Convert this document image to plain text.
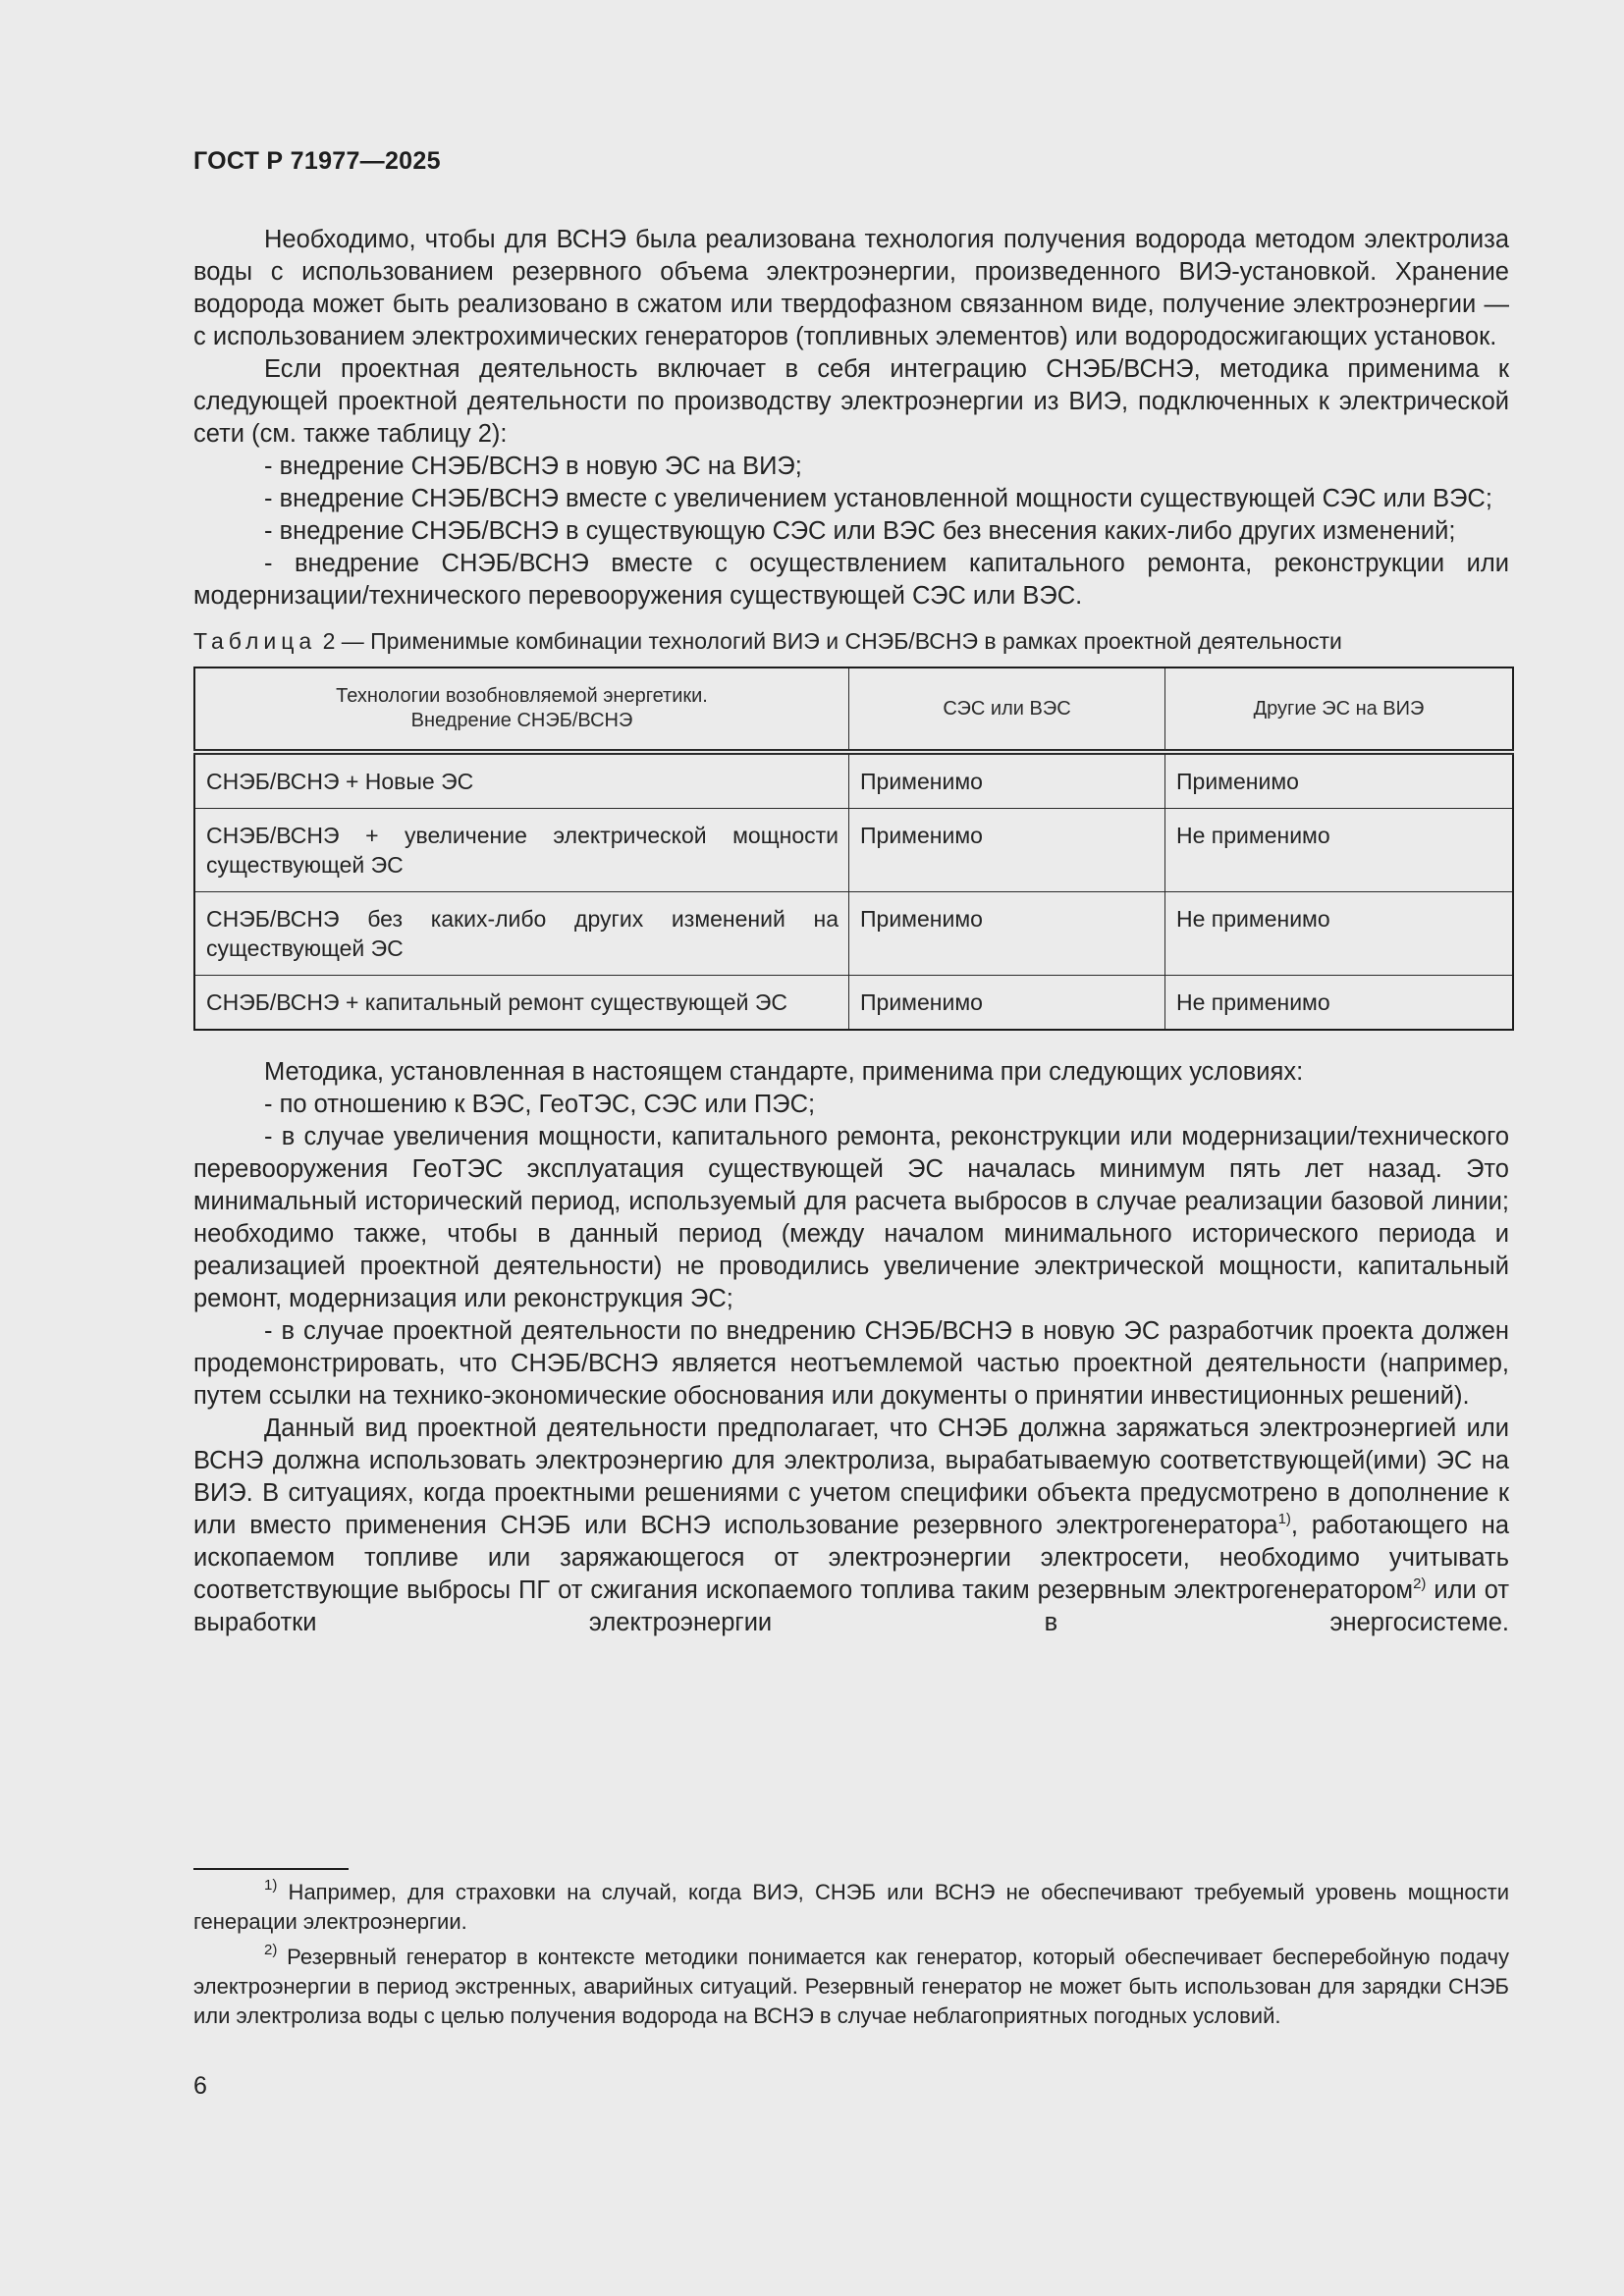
ГОСТ Р 71977—2025

Необходимо, чтобы для ВСНЭ была реализована технология получения водорода методом электролиза воды с использованием резервного объема электроэнергии, произведенного ВИЭ-установкой. Хранение водорода может быть реализовано в сжатом или твердофазном связанном виде, получение электроэнергии — с использованием электрохимических генераторов (топливных элементов) или водородосжигающих установок.

Если проектная деятельность включает в себя интеграцию СНЭБ/ВСНЭ, методика применима к следующей проектной деятельности по производству электроэнергии из ВИЭ, подключенных к электрической сети (см. также таблицу 2):

- внедрение СНЭБ/ВСНЭ в новую ЭС на ВИЭ;

- внедрение СНЭБ/ВСНЭ вместе с увеличением установленной мощности существующей СЭС или ВЭС;

- внедрение СНЭБ/ВСНЭ в существующую СЭС или ВЭС без внесения каких-либо других изменений;

- внедрение СНЭБ/ВСНЭ вместе с осуществлением капитального ремонта, реконструкции или модернизации/технического перевооружения существующей СЭС или ВЭС.

Таблица 2 — Применимые комбинации технологий ВИЭ и СНЭБ/ВСНЭ в рамках проектной деятельности
Технологии возобновляемой энергетики.
Внедрение СНЭБ/ВСНЭ	СЭС или ВЭС	Другие ЭС на ВИЭ
СНЭБ/ВСНЭ + Новые ЭС	Применимо	Применимо
СНЭБ/ВСНЭ + увеличение электрической мощности существующей ЭС	Применимо	Не применимо
СНЭБ/ВСНЭ без каких-либо других изменений на существующей ЭС	Применимо	Не применимо
СНЭБ/ВСНЭ + капитальный ремонт существующей ЭС	Применимо	Не применимо

Методика, установленная в настоящем стандарте, применима при следующих условиях:

- по отношению к ВЭС, ГеоТЭС, СЭС или ПЭС;

- в случае увеличения мощности, капитального ремонта, реконструкции или модернизации/технического перевооружения ГеоТЭС эксплуатация существующей ЭС началась минимум пять лет назад. Это минимальный исторический период, используемый для расчета выбросов в случае реализации базовой линии; необходимо также, чтобы в данный период (между началом минимального исторического периода и реализацией проектной деятельности) не проводились увеличение электрической мощности, капитальный ремонт, модернизация или реконструкция ЭС;

- в случае проектной деятельности по внедрению СНЭБ/ВСНЭ в новую ЭС разработчик проекта должен продемонстрировать, что СНЭБ/ВСНЭ является неотъемлемой частью проектной деятельности (например, путем ссылки на технико-экономические обоснования или документы о принятии инвестиционных решений).

Данный вид проектной деятельности предполагает, что СНЭБ должна заряжаться электроэнергией или ВСНЭ должна использовать электроэнергию для электролиза, вырабатываемую соответствующей(ими) ЭС на ВИЭ. В ситуациях, когда проектными решениями с учетом специфики объекта предусмотрено в дополнение к или вместо применения СНЭБ или ВСНЭ использование резервного электрогенератора$^{1)}$, работающего на ископаемом топливе или заряжающегося от электроэнергии электросети, необходимо учитывать соответствующие выбросы ПГ от сжигания ископаемого топлива таким резервным электрогенератором$^{2)}$ или от выработки электроэнергии в энергосистеме.

$^{1)}$ Например, для страховки на случай, когда ВИЭ, СНЭБ или ВСНЭ не обеспечивают требуемый уровень мощности генерации электроэнергии.
$^{2)}$ Резервный генератор в контексте методики понимается как генератор, который обеспечивает бесперебойную подачу электроэнергии в период экстренных, аварийных ситуаций. Резервный генератор не может быть использован для зарядки СНЭБ или электролиза воды с целью получения водорода на ВСНЭ в случае неблагоприятных погодных условий.
6
